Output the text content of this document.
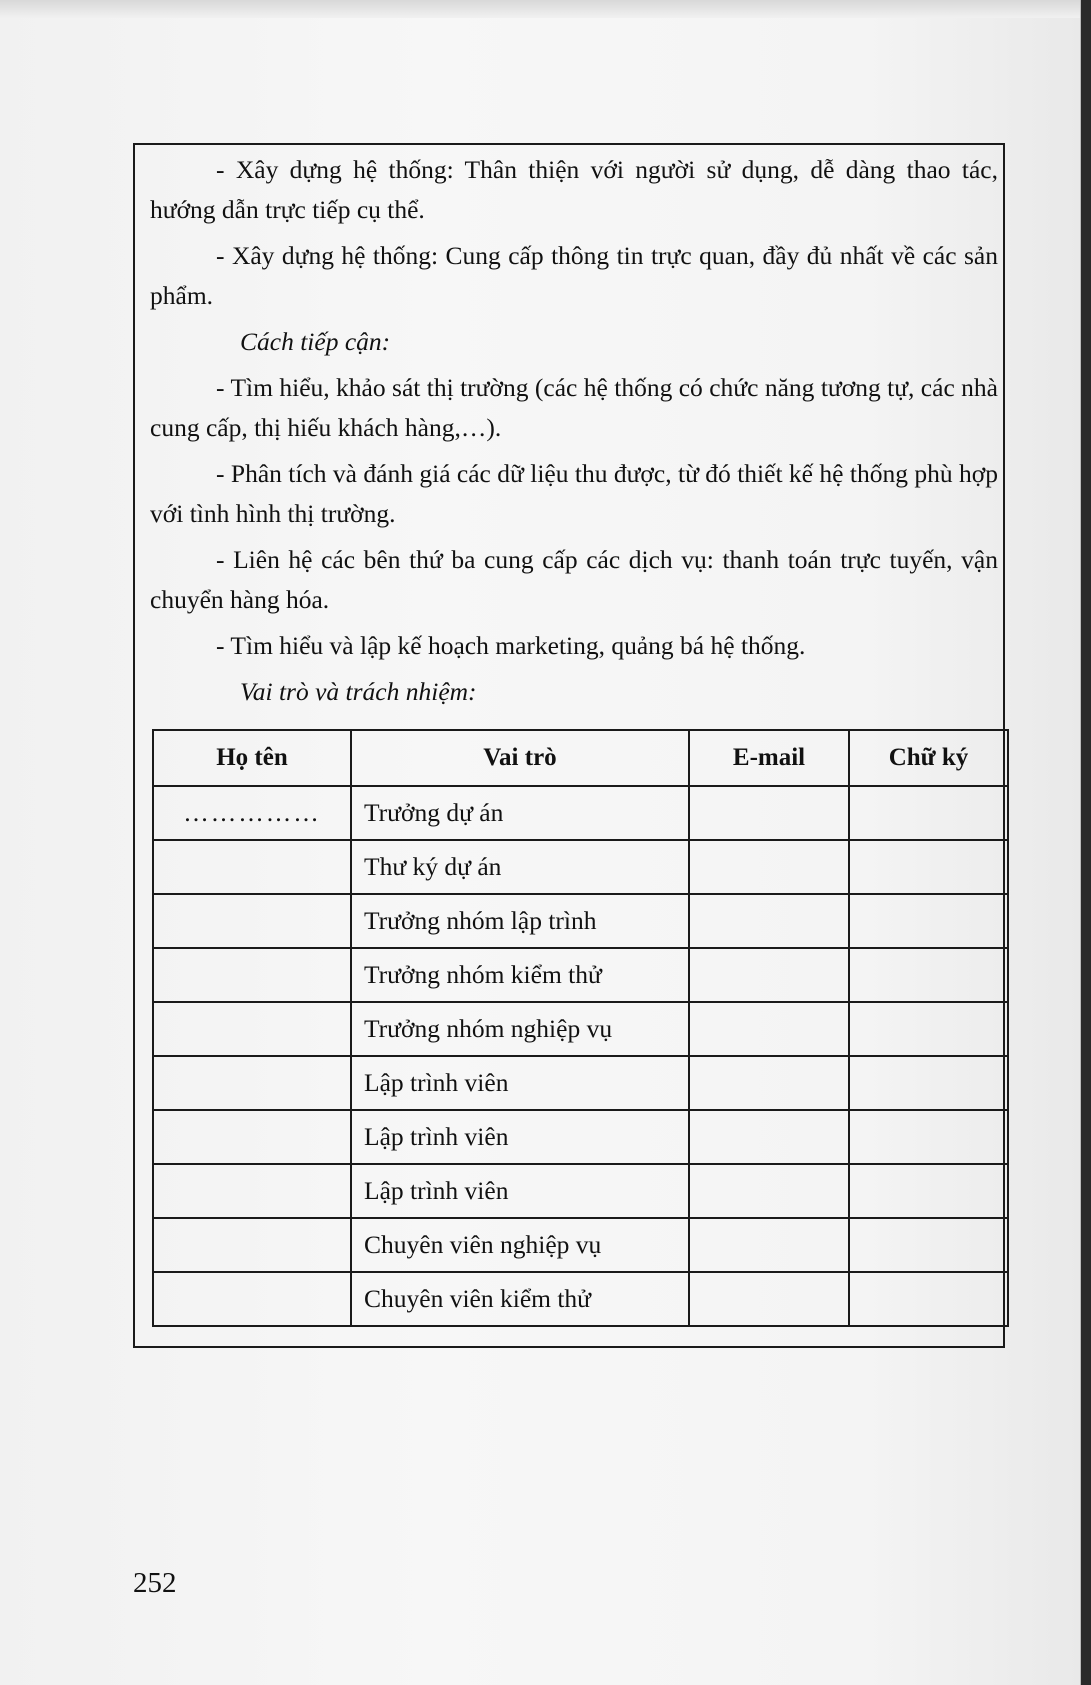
- Xây dựng hệ thống: Thân thiện với người sử dụng, dễ dàng thao tác, hướng dẫn trực tiếp cụ thể.

- Xây dựng hệ thống: Cung cấp thông tin trực quan, đầy đủ nhất về các sản phẩm.

Cách tiếp cận:

- Tìm hiểu, khảo sát thị trường (các hệ thống có chức năng tương tự, các nhà cung cấp, thị hiếu khách hàng,…).

- Phân tích và đánh giá các dữ liệu thu được, từ đó thiết kế hệ thống phù hợp với tình hình thị trường.

- Liên hệ các bên thứ ba cung cấp các dịch vụ: thanh toán trực tuyến, vận chuyển hàng hóa.

- Tìm hiểu và lập kế hoạch marketing, quảng bá hệ thống.

Vai trò và trách nhiệm:

Họ tên	Vai trò	E-mail	Chữ ký
……………	Trưởng dự án		
	Thư ký dự án		
	Trưởng nhóm lập trình		
	Trưởng nhóm kiểm thử		
	Trưởng nhóm nghiệp vụ		
	Lập trình viên		
	Lập trình viên		
	Lập trình viên		
	Chuyên viên nghiệp vụ		
	Chuyên viên kiểm thử		
252
